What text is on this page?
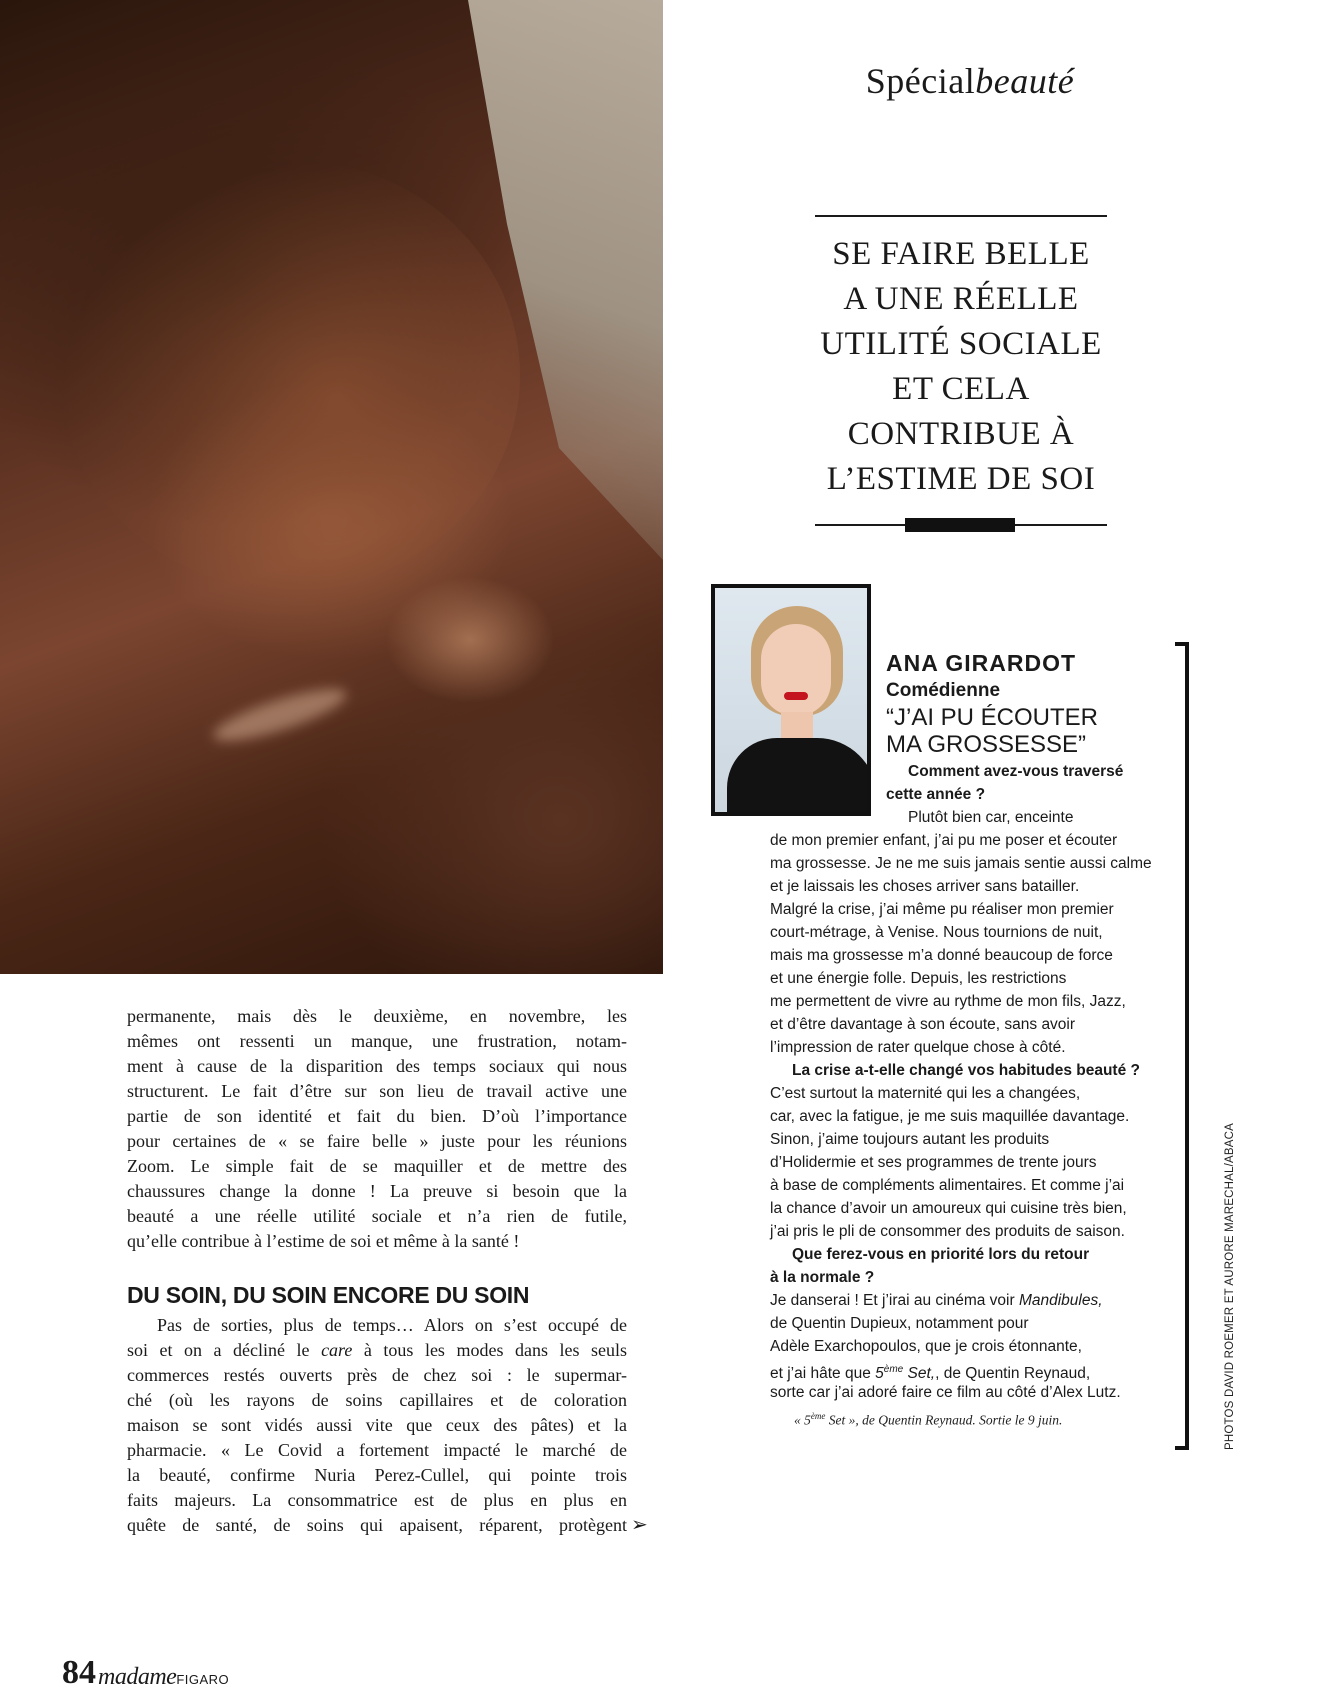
Spécialbeauté
SE FAIRE BELLE
A UNE RÉELLE
UTILITÉ SOCIALE
ET CELA
CONTRIBUE À
L’ESTIME DE SOI
ANA GIRARDOT
Comédienne
“J’AI PU ÉCOUTER
MA GROSSESSE”
Comment avez-vous traversé
cette année ?
Plutôt bien car, enceinte
de mon premier enfant, j’ai pu me poser et écouter
ma grossesse. Je ne me suis jamais sentie aussi calme
et je laissais les choses arriver sans batailler.
Malgré la crise, j’ai même pu réaliser mon premier
court-métrage, à Venise. Nous tournions de nuit,
mais ma grossesse m’a donné beaucoup de force
et une énergie folle. Depuis, les restrictions
me permettent de vivre au rythme de mon fils, Jazz,
et d’être davantage à son écoute, sans avoir
l’impression de rater quelque chose à côté.
La crise a-t-elle changé vos habitudes beauté ?
C’est surtout la maternité qui les a changées,
car, avec la fatigue, je me suis maquillée davantage.
Sinon, j’aime toujours autant les produits
d’Holidermie et ses programmes de trente jours
à base de compléments alimentaires. Et comme j’ai
la chance d’avoir un amoureux qui cuisine très bien,
j’ai pris le pli de consommer des produits de saison.
Que ferez-vous en priorité lors du retour
à la normale ?
Je danserai ! Et j’irai au cinéma voir Mandibules,
de Quentin Dupieux, notamment pour
Adèle Exarchopoulos, que je crois étonnante,
et j’ai hâte que 5ème Set,, de Quentin Reynaud,
sorte car j’ai adoré faire ce film au côté d’Alex Lutz.
« 5ème Set », de Quentin Reynaud. Sortie le 9 juin.	PHOTOS DAVID ROEMER ET AURORE MARECHAL/ABACA
permanente, mais dès le deuxième, en novembre, les
mêmes ont ressenti un manque, une frustration, notam-
ment à cause de la disparition des temps sociaux qui nous
structurent. Le fait d’être sur son lieu de travail active une
partie de son identité et fait du bien. D’où l’importance
pour certaines de « se faire belle » juste pour les réunions
Zoom. Le simple fait de se maquiller et de mettre des
chaussures change la donne ! La preuve si besoin que la
beauté a une réelle utilité sociale et n’a rien de futile,
qu’elle contribue à l’estime de soi et même à la santé !
DU SOIN, DU SOIN ENCORE DU SOIN
Pas de sorties, plus de temps… Alors on s’est occupé de
soi et on a décliné le care à tous les modes dans les seuls
commerces restés ouverts près de chez soi : le supermar-
ché (où les rayons de soins capillaires et de coloration
maison se sont vidés aussi vite que ceux des pâtes) et la
pharmacie. « Le Covid a fortement impacté le marché de
la beauté, confirme Nuria Perez-Cullel, qui pointe trois
faits majeurs. La consommatrice est de plus en plus en
quête de santé, de soins qui apaisent, réparent, protègent ➢
84 madameFIGARO
